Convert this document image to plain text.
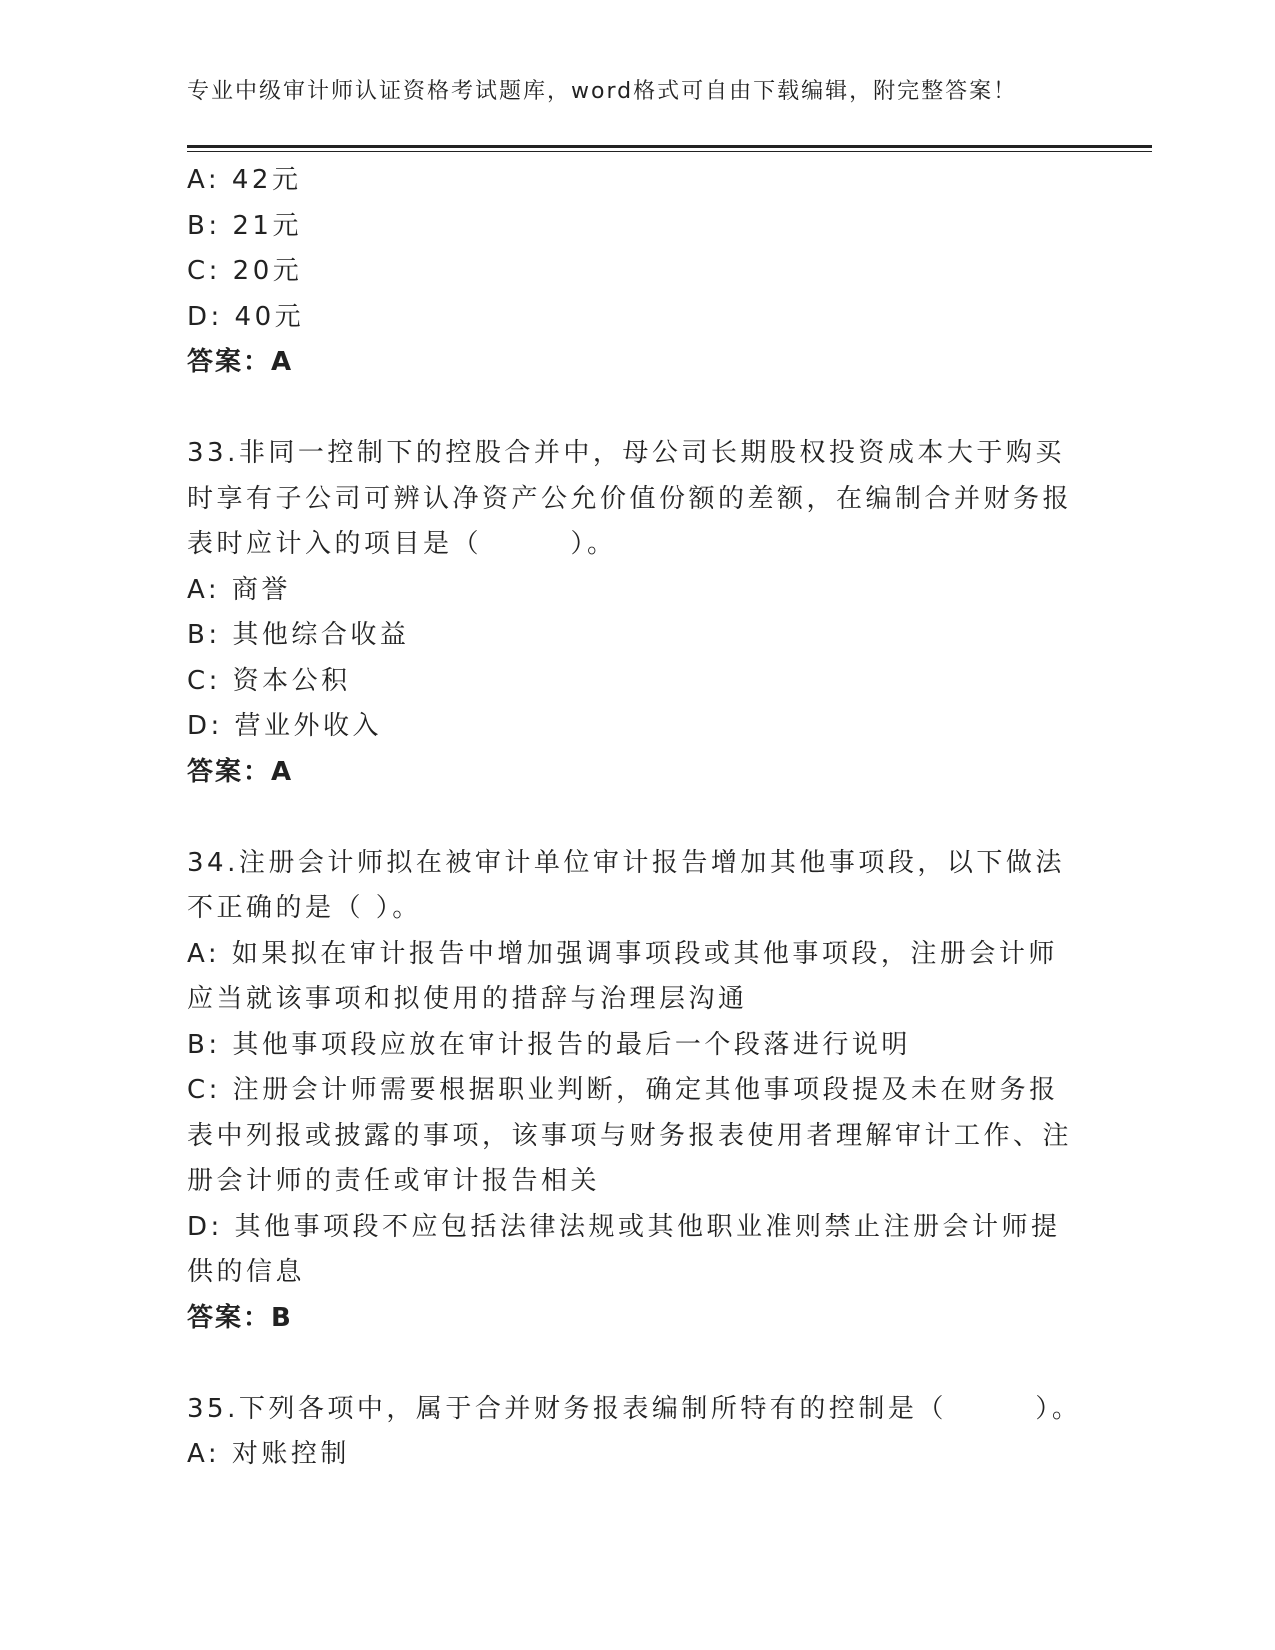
专业中级审计师认证资格考试题库，word格式可自由下载编辑，附完整答案！
A: 42元
B: 21元
C: 20元
D: 40元
答案：A
33.非同一控制下的控股合并中，母公司长期股权投资成本大于购买时享有子公司可辨认净资产公允价值份额的差额，在编制合并财务报表时应计入的项目是（　　　）。
A: 商誉
B: 其他综合收益
C: 资本公积
D: 营业外收入
答案：A
34.注册会计师拟在被审计单位审计报告增加其他事项段，以下做法不正确的是（ ）。
A: 如果拟在审计报告中增加强调事项段或其他事项段，注册会计师应当就该事项和拟使用的措辞与治理层沟通
B: 其他事项段应放在审计报告的最后一个段落进行说明
C: 注册会计师需要根据职业判断，确定其他事项段提及未在财务报表中列报或披露的事项，该事项与财务报表使用者理解审计工作、注册会计师的责任或审计报告相关
D: 其他事项段不应包括法律法规或其他职业准则禁止注册会计师提供的信息
答案：B
35.下列各项中，属于合并财务报表编制所特有的控制是（　　　）。
A: 对账控制
